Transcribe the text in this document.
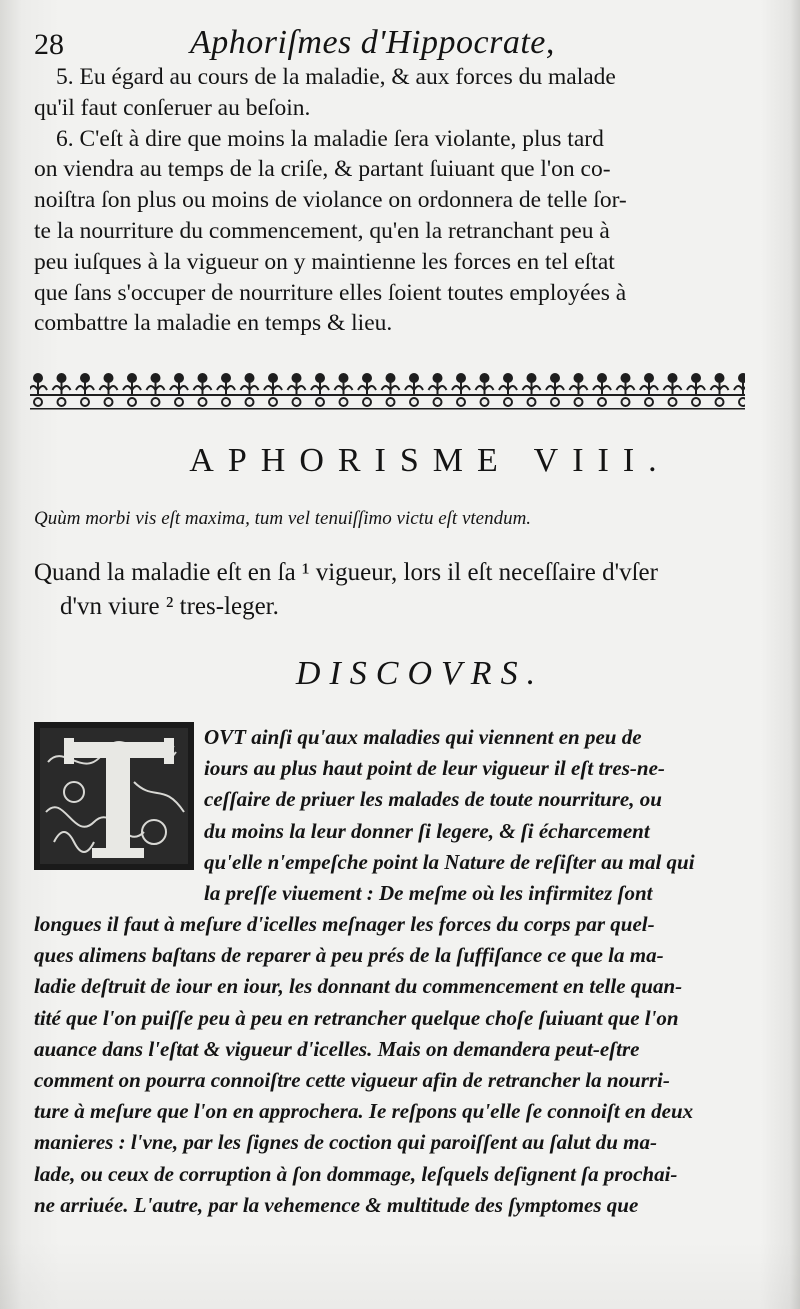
28	Aphoriſmes d'Hippocrate,
5. Eu égard au cours de la maladie, & aux forces du malade
qu'il faut conſeruer au beſoin.
6. C'eſt à dire que moins la maladie ſera violante, plus tard
on viendra au temps de la criſe, & partant ſuiuant que l'on co-
noiſtra ſon plus ou moins de violance on ordonnera de telle ſor-
te la nourriture du commencement, qu'en la retranchant peu à
peu iuſques à la vigueur on y maintienne les forces en tel eſtat
que ſans s'occuper de nourriture elles ſoient toutes employées à
combattre la maladie en temps & lieu.
APHORISME VIII.
Quùm morbi vis eſt maxima, tum vel tenuiſſimo victu eſt vtendum.
Quand la maladie eſt en ſa ¹ vigueur, lors il eſt neceſſaire d'vſer
d'vn viure ² tres-leger.
DISCOVRS.
OVT ainſi qu'aux maladies qui viennent en peu de
iours au plus haut point de leur vigueur il eſt tres-ne-
ceſſaire de priuer les malades de toute nourriture, ou
du moins la leur donner ſi legere, & ſi écharcement
qu'elle n'empeſche point la Nature de reſiſter au mal qui
la preſſe viuement : De meſme où les infirmitez ſont
longues il faut à meſure d'icelles meſnager les forces du corps par quel-
ques alimens baſtans de reparer à peu prés de la ſuffiſance ce que la ma-
ladie deſtruit de iour en iour, les donnant du commencement en telle quan-
tité que l'on puiſſe peu à peu en retrancher quelque choſe ſuiuant que l'on
auance dans l'eſtat & vigueur d'icelles. Mais on demandera peut-eſtre
comment on pourra connoiſtre cette vigueur afin de retrancher la nourri-
ture à meſure que l'on en approchera. Ie reſpons qu'elle ſe connoiſt en deux
manieres : l'vne, par les ſignes de coction qui paroiſſent au ſalut du ma-
lade, ou ceux de corruption à ſon dommage, leſquels deſignent ſa prochai-
ne arriuée. L'autre, par la vehemence & multitude des ſymptomes que
